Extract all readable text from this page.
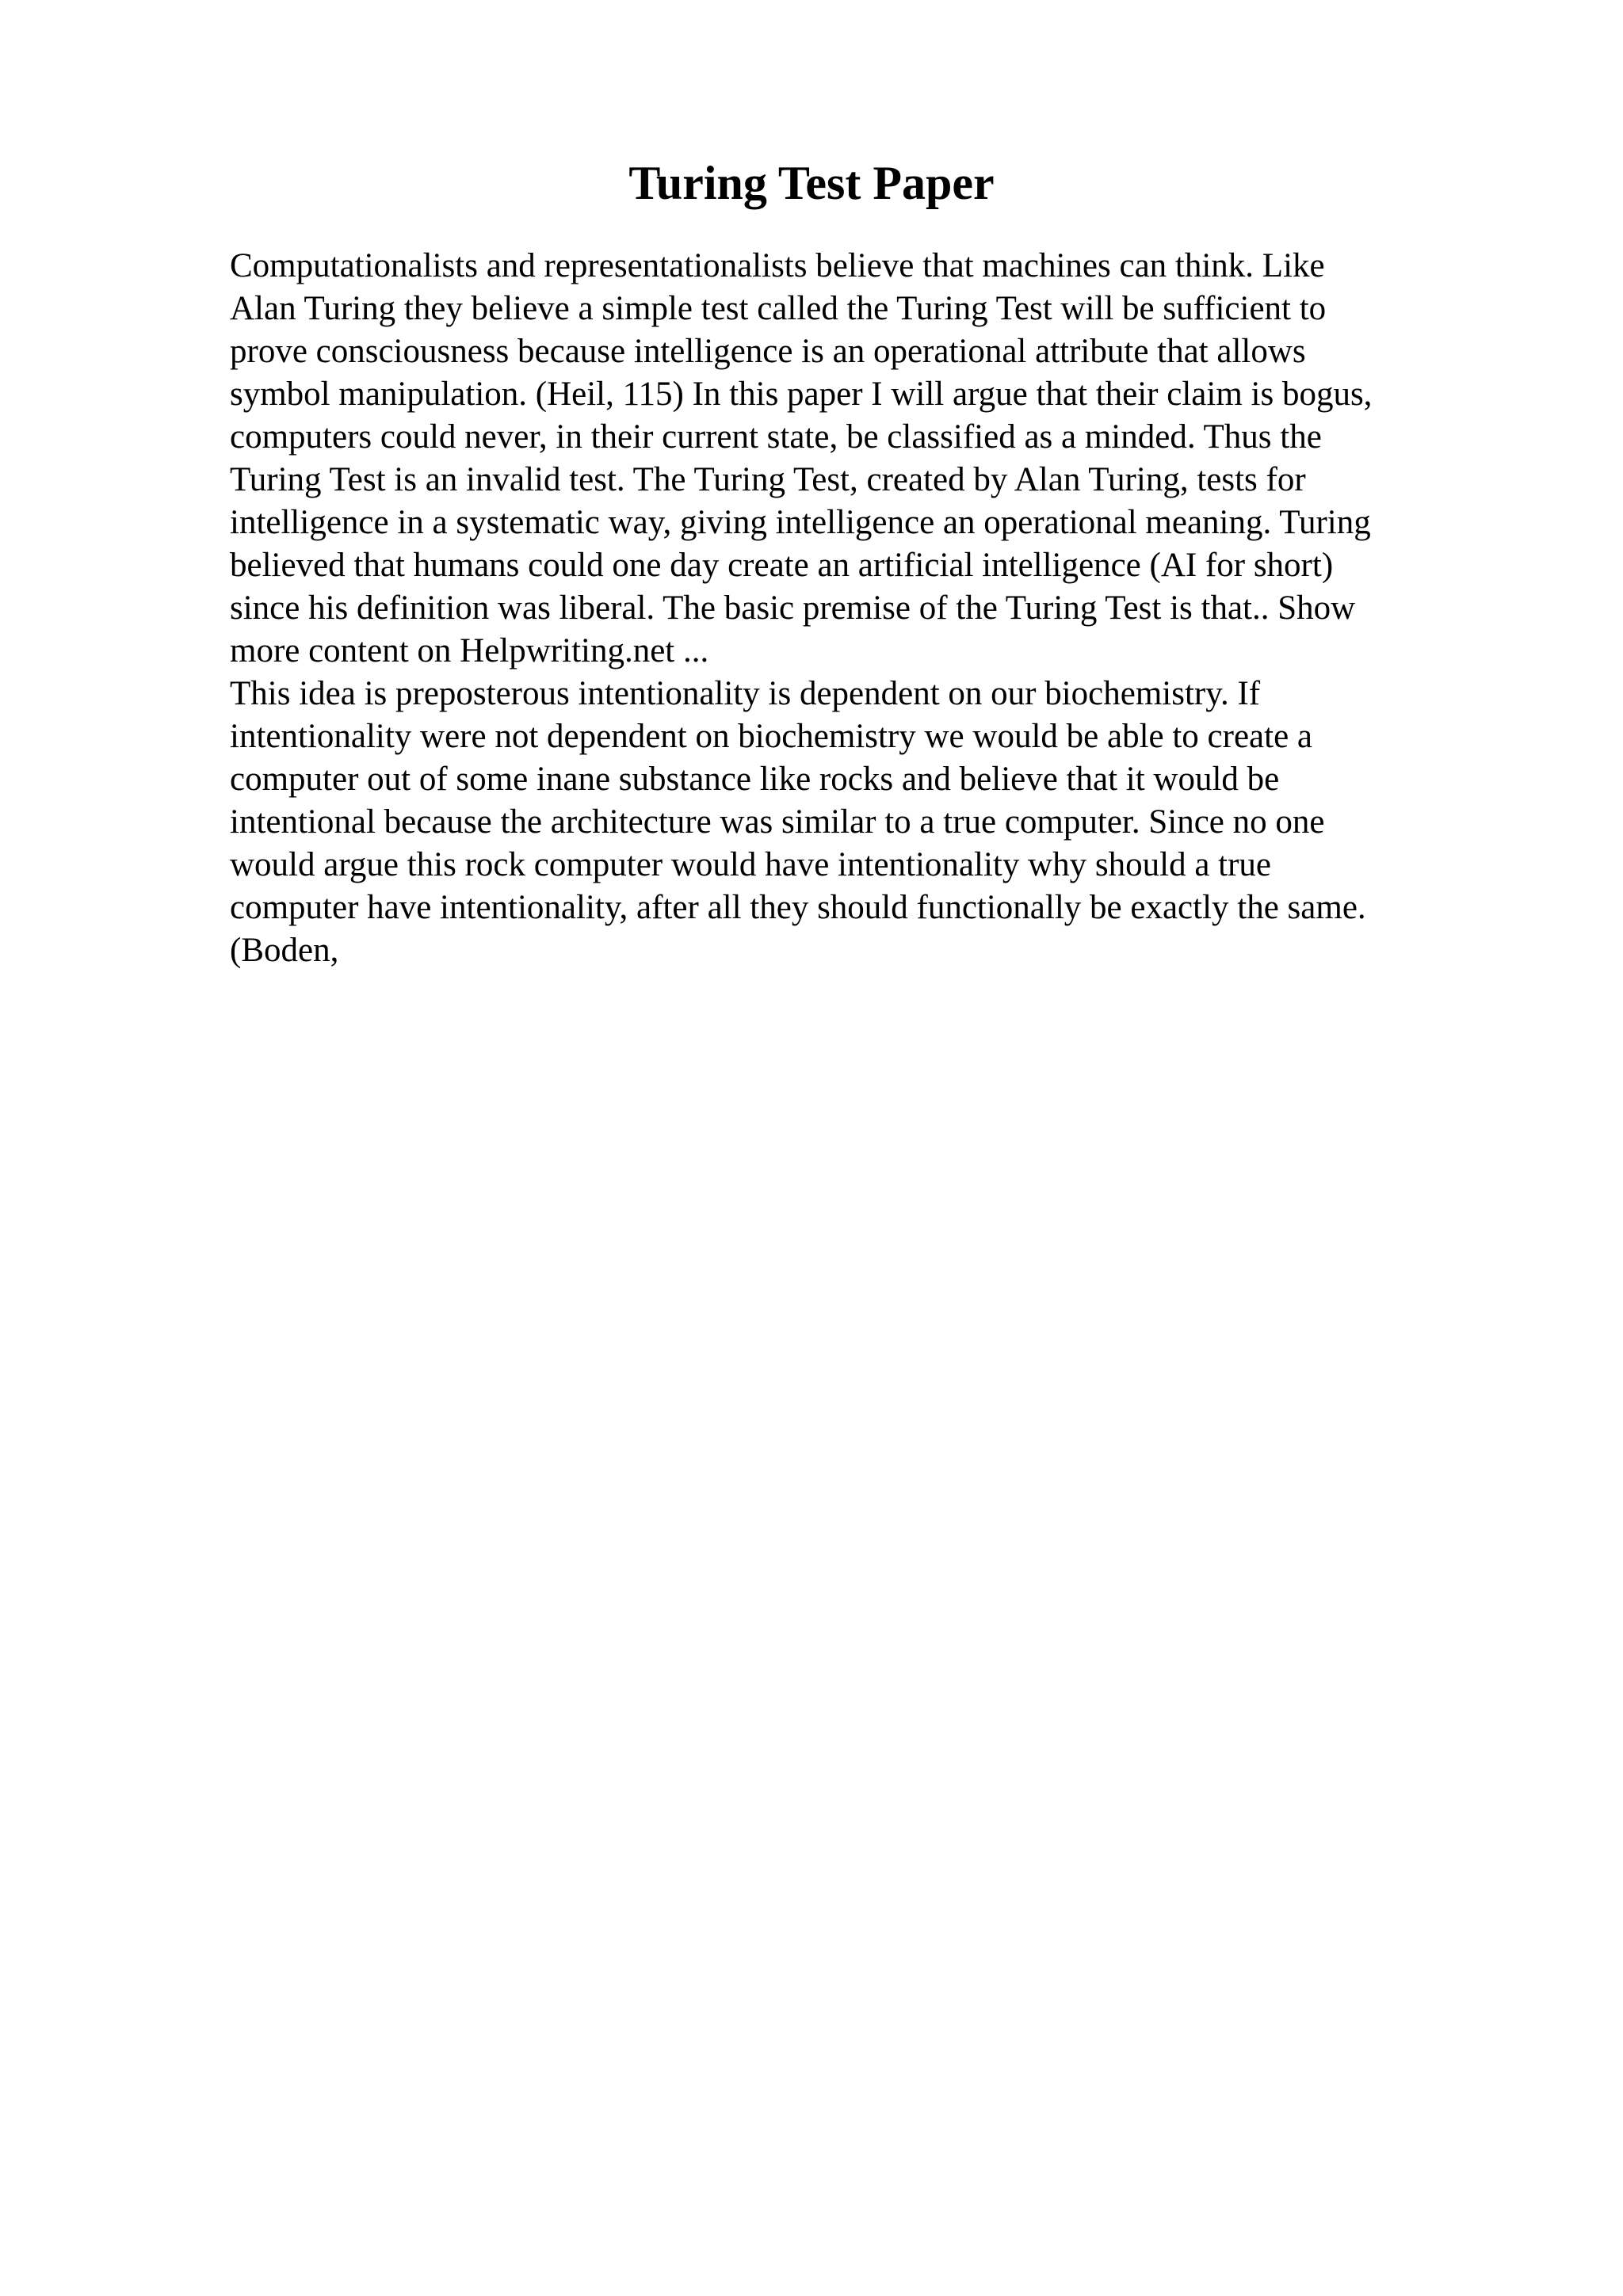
Turing Test Paper
Computationalists and representationalists believe that machines can think. Like
Alan Turing they believe a simple test called the Turing Test will be sufficient to
prove consciousness because intelligence is an operational attribute that allows
symbol manipulation. (Heil, 115) In this paper I will argue that their claim is bogus,
computers could never, in their current state, be classified as a minded. Thus the
Turing Test is an invalid test. The Turing Test, created by Alan Turing, tests for
intelligence in a systematic way, giving intelligence an operational meaning. Turing
believed that humans could one day create an artificial intelligence (AI for short)
since his definition was liberal. The basic premise of the Turing Test is that.. Show
more content on Helpwriting.net ...
This idea is preposterous intentionality is dependent on our biochemistry. If
intentionality were not dependent on biochemistry we would be able to create a
computer out of some inane substance like rocks and believe that it would be
intentional because the architecture was similar to a true computer. Since no one
would argue this rock computer would have intentionality why should a true
computer have intentionality, after all they should functionally be exactly the same.
(Boden,
